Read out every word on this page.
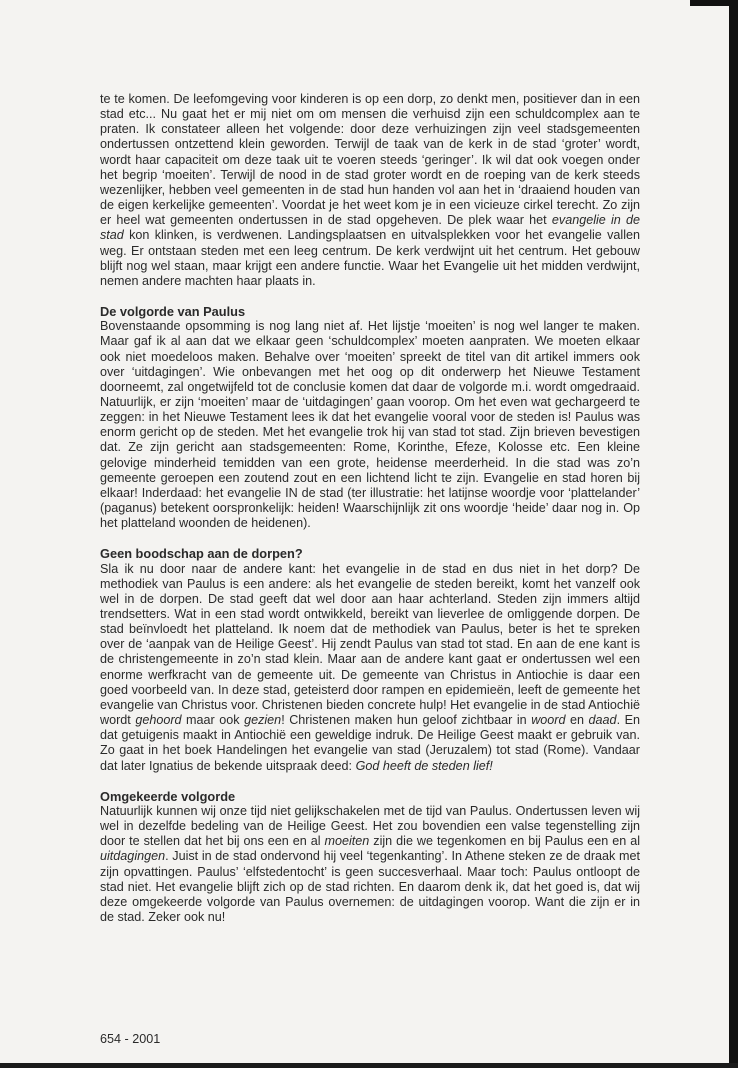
te te komen. De leefomgeving voor kinderen is op een dorp, zo denkt men, positiever dan in een stad etc... Nu gaat het er mij niet om om mensen die verhuisd zijn een schuldcomplex aan te praten. Ik constateer alleen het volgende: door deze verhuizingen zijn veel stadsgemeenten ondertussen ontzettend klein geworden. Terwijl de taak van de kerk in de stad ‘groter’ wordt, wordt haar capaciteit om deze taak uit te voeren steeds ‘geringer’. Ik wil dat ook voegen onder het begrip ‘moeiten’. Terwijl de nood in de stad groter wordt en de roeping van de kerk steeds wezenlijker, hebben veel gemeenten in de stad hun handen vol aan het in ‘draaiend houden van de eigen kerkelijke gemeenten’. Voordat je het weet kom je in een vicieuze cirkel terecht. Zo zijn er heel wat gemeenten ondertussen in de stad opgeheven. De plek waar het evangelie in de stad kon klinken, is verdwenen. Landingsplaatsen en uitvalsplekken voor het evangelie vallen weg. Er ontstaan steden met een leeg centrum. De kerk verdwijnt uit het centrum. Het gebouw blijft nog wel staan, maar krijgt een andere functie. Waar het Evangelie uit het midden verdwijnt, nemen andere machten haar plaats in.

De volgorde van Paulus

Bovenstaande opsomming is nog lang niet af. Het lijstje ‘moeiten’ is nog wel langer te maken. Maar gaf ik al aan dat we elkaar geen ‘schuldcomplex’ moeten aanpraten. We moeten elkaar ook niet moedeloos maken. Behalve over ‘moeiten’ spreekt de titel van dit artikel immers ook over ‘uitdagingen’. Wie onbevangen met het oog op dit onderwerp het Nieuwe Testament doorneemt, zal ongetwijfeld tot de conclusie komen dat daar de volgorde m.i. wordt omgedraaid. Natuurlijk, er zijn ‘moeiten’ maar de ‘uitdagingen’ gaan voorop. Om het even wat gechargeerd te zeggen: in het Nieuwe Testament lees ik dat het evangelie vooral voor de steden is! Paulus was enorm gericht op de steden. Met het evangelie trok hij van stad tot stad. Zijn brieven bevestigen dat. Ze zijn gericht aan stadsgemeenten: Rome, Korinthe, Efeze, Kolosse etc. Een kleine gelovige minderheid temidden van een grote, heidense meerderheid. In die stad was zo’n gemeente geroepen een zoutend zout en een lichtend licht te zijn. Evangelie en stad horen bij elkaar! Inderdaad: het evangelie IN de stad (ter illustratie: het latijnse woordje voor ‘plattelander’ (paganus) betekent oorspronkelijk: heiden! Waarschijnlijk zit ons woordje ‘heide’ daar nog in. Op het platteland woonden de heidenen).

Geen boodschap aan de dorpen?

Sla ik nu door naar de andere kant: het evangelie in de stad en dus niet in het dorp? De methodiek van Paulus is een andere: als het evangelie de steden bereikt, komt het vanzelf ook wel in de dorpen. De stad geeft dat wel door aan haar achterland. Steden zijn immers altijd trendsetters. Wat in een stad wordt ontwikkeld, bereikt van lieverlee de omliggende dorpen. De stad beïnvloedt het platteland. Ik noem dat de methodiek van Paulus, beter is het te spreken over de ‘aanpak van de Heilige Geest’. Hij zendt Paulus van stad tot stad. En aan de ene kant is de christengemeente in zo’n stad klein. Maar aan de andere kant gaat er ondertussen wel een enorme werfkracht van de gemeente uit. De gemeente van Christus in Antiochie is daar een goed voorbeeld van. In deze stad, geteisterd door rampen en epidemieën, leeft de gemeente het evangelie van Christus voor. Christenen bieden concrete hulp! Het evangelie in de stad Antiochië wordt gehoord maar ook gezien! Christenen maken hun geloof zichtbaar in woord en daad. En dat getuigenis maakt in Antiochië een geweldige indruk. De Heilige Geest maakt er gebruik van. Zo gaat in het boek Handelingen het evangelie van stad (Jeruzalem) tot stad (Rome). Vandaar dat later Ignatius de bekende uitspraak deed: God heeft de steden lief!

Omgekeerde volgorde

Natuurlijk kunnen wij onze tijd niet gelijkschakelen met de tijd van Paulus. Ondertussen leven wij wel in dezelfde bedeling van de Heilige Geest. Het zou bovendien een valse tegenstelling zijn door te stellen dat het bij ons een en al moeiten zijn die we tegenkomen en bij Paulus een en al uitdagingen. Juist in de stad ondervond hij veel ‘tegenkanting’. In Athene steken ze de draak met zijn opvattingen. Paulus’ ‘elfstedentocht’ is geen succesverhaal. Maar toch: Paulus ontloopt de stad niet. Het evangelie blijft zich op de stad richten. En daarom denk ik, dat het goed is, dat wij deze omgekeerde volgorde van Paulus overnemen: de uitdagingen voorop. Want die zijn er in de stad. Zeker ook nu!

654 - 2001
